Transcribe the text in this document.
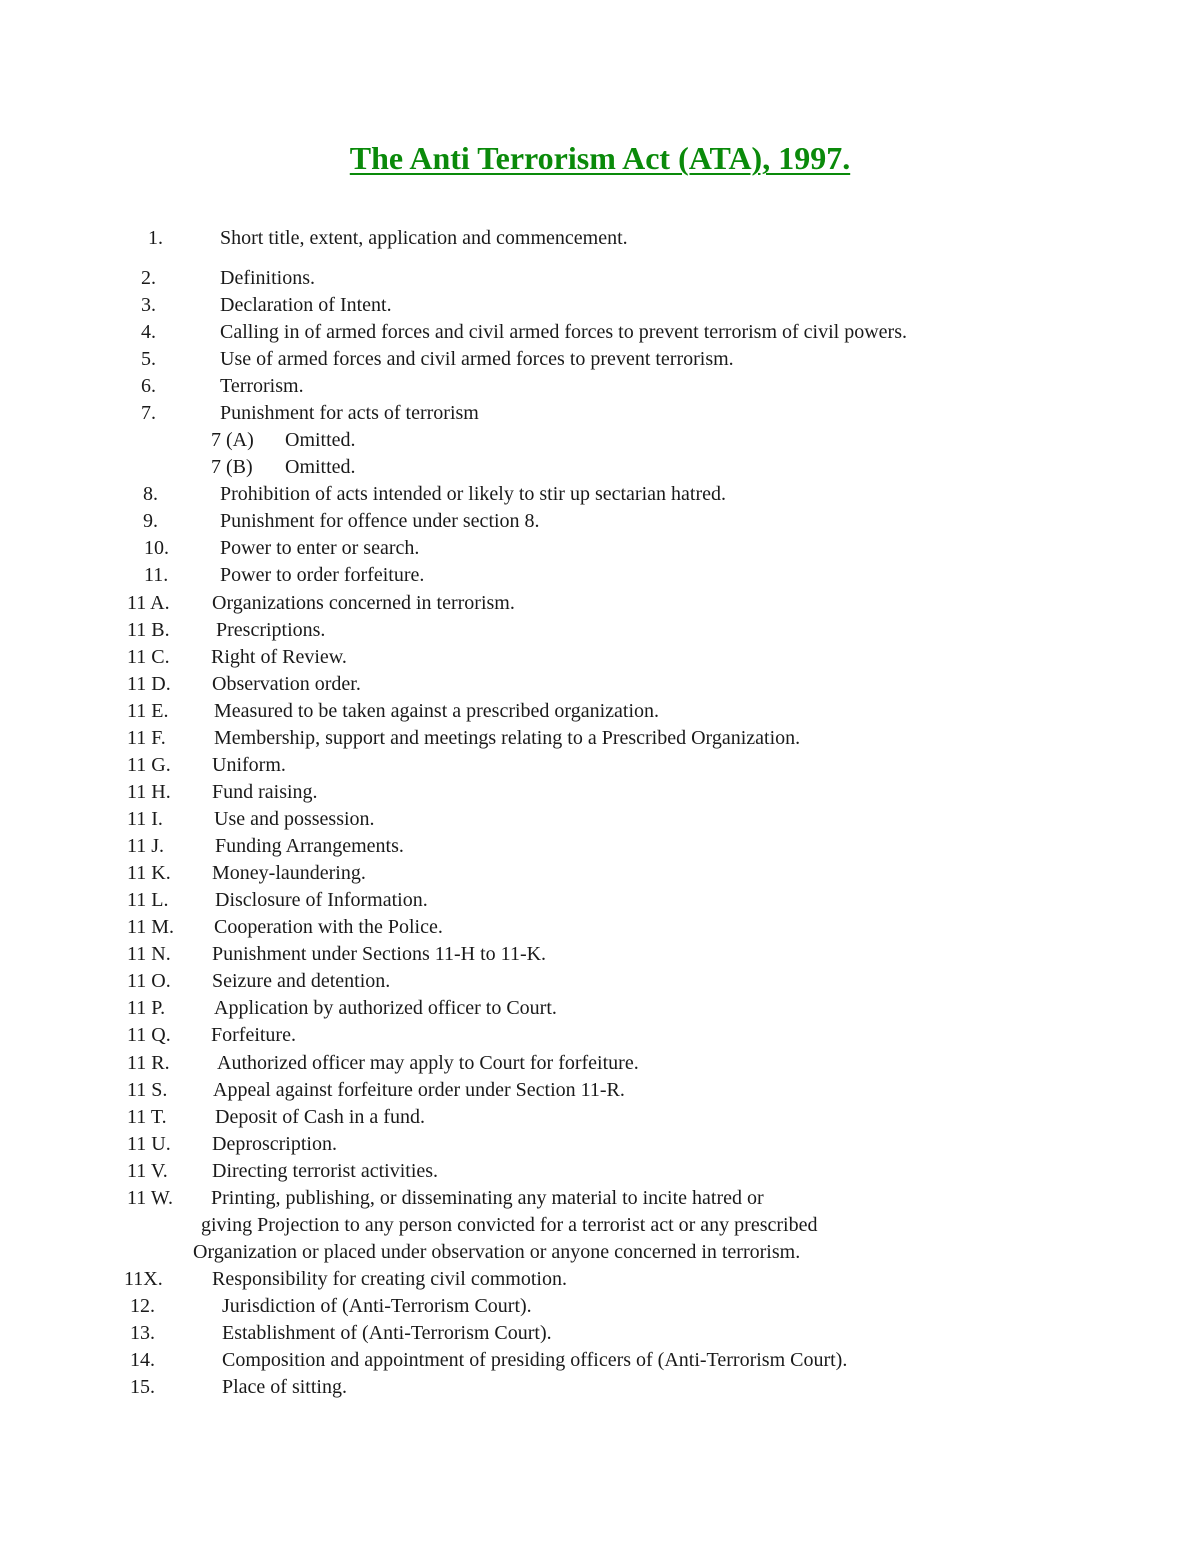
The Anti Terrorism Act (ATA), 1997.
1.	Short title, extent, application and commencement.
2.	Definitions.
3.	Declaration of Intent.
4.	Calling in of armed forces and civil armed forces to prevent terrorism of civil powers.
5.	Use of armed forces and civil armed forces to prevent terrorism.
6.	Terrorism.
7.	Punishment for acts of terrorism
7 (A) Omitted.
7 (B) Omitted.
8.	Prohibition of acts intended or likely to stir up sectarian hatred.
9.	Punishment for offence under section 8.
10.	Power to enter or search.
11.	Power to order forfeiture.
11 A. Organizations concerned in terrorism.
11 B. Prescriptions.
11 C. Right of Review.
11 D. Observation order.
11 E. Measured to be taken against a prescribed organization.
11 F. Membership, support and meetings relating to a Prescribed Organization.
11 G. Uniform.
11 H. Fund raising.
11 I.	Use and possession.
11 J.	Funding Arrangements.
11 K. Money-laundering.
11 L. Disclosure of Information.
11 M. Cooperation with the Police.
11 N. Punishment under Sections 11-H to 11-K.
11 O. Seizure and detention.
11 P. Application by authorized officer to Court.
11 Q. Forfeiture.
11 R. Authorized officer may apply to Court for forfeiture.
11 S. Appeal against forfeiture order under Section 11-R.
11 T. Deposit of Cash in a fund.
11 U. Deproscription.
11 V. Directing terrorist activities.
11 W. Printing, publishing, or disseminating any material to incite hatred or
giving Projection to any person convicted for a terrorist act or any prescribed
Organization or placed under observation or anyone concerned in terrorism.
11X. Responsibility for creating civil commotion.
12.	Jurisdiction of (Anti-Terrorism Court).
13.	Establishment of (Anti-Terrorism Court).
14.	Composition and appointment of presiding officers of (Anti-Terrorism Court).
15.	Place of sitting.
